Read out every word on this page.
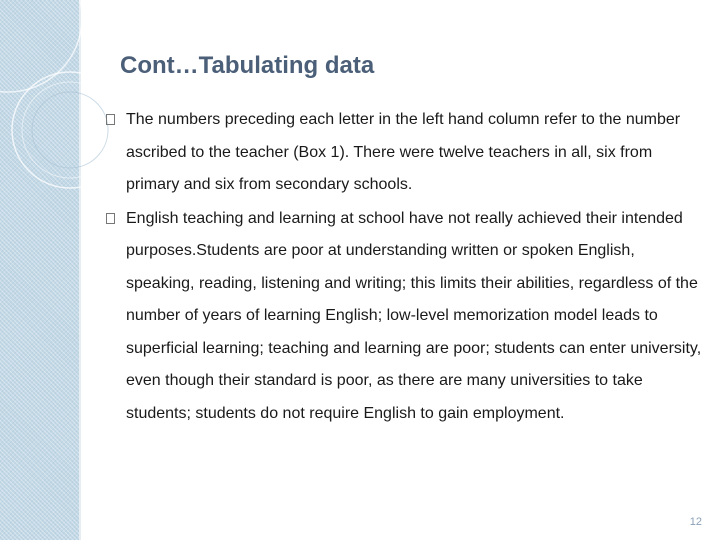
Cont…Tabulating data
The numbers preceding each letter in the left hand column refer to the number ascribed to the teacher (Box 1). There were twelve teachers in all, six from primary and six from secondary schools.
English teaching and learning at school have not really achieved their intended purposes.Students are poor at understanding written or spoken English, speaking, reading, listening and writing; this limits their abilities, regardless of the number of years of learning English; low-level memorization model leads to superficial learning; teaching and learning are poor; students can enter university, even though their standard is poor, as there are many universities to take students; students do not require English to gain employment.
12
